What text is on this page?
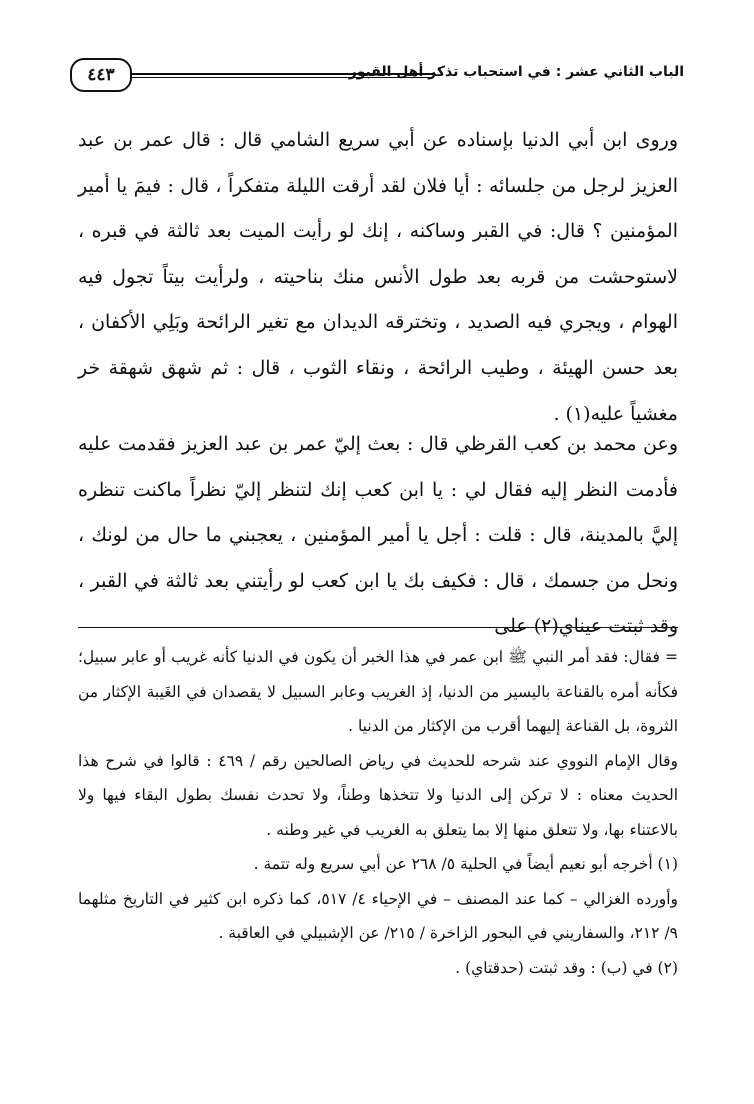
٤٤٣	الباب الثاني عشر : في استحباب تذكر أهل القبور

وروى ابن أبي الدنيا بإسناده عن أبي سريع الشامي قال : قال عمر بن عبد العزيز لرجل من جلسائه : أيا فلان لقد أرقت الليلة متفكراً ، قال : فيمَ يا أمير المؤمنين ؟ قال: في القبر وساكنه ، إنك لو رأيت الميت بعد ثالثة في قبره ، لاستوحشت من قربه بعد طول الأنس منك بناحيته ، ولرأيت بيتاً تجول فيه الهوام ، ويجري فيه الصديد ، وتخترقه الديدان مع تغير الرائحة وبَلِي الأكفان ، بعد حسن الهيئة ، وطيب الرائحة ، ونقاء الثوب ، قال : ثم شهق شهقة خر مغشياً عليه(١) .

وعن محمد بن كعب القرظي قال : بعث إليّ عمر بن عبد العزيز فقدمت عليه فأدمت النظر إليه فقال لي : يا ابن كعب إنك لتنظر إليّ نظراً ماكنت تنظره إليَّ بالمدينة، قال : قلت : أجل يا أمير المؤمنين ، يعجبني ما حال من لونك ، ونحل من جسمك ، قال : فكيف بك يا ابن كعب لو رأيتني بعد ثالثة في القبر ، وقد ثبتت عيناي(٢) على

= فقال: فقد أمر النبي ﷺ ابن عمر في هذا الخبر أن يكون في الدنيا كأنه غريب أو عابر سبيل؛ فكأنه أمره بالقناعة باليسير من الدنيا، إذ الغريب وعابر السبيل لا يقصدان في الغَيبة الإكثار من الثروة، بل القناعة إليهما أقرب من الإكثار من الدنيا .

وقال الإمام النووي عند شرحه للحديث في رياض الصالحين رقم / ٤٦٩ : قالوا في شرح هذا الحديث معناه : لا تركن إلى الدنيا ولا تتخذها وطناً، ولا تحدث نفسك بطول البقاء فيها ولا بالاعتناء بها، ولا تتعلق منها إلا بما يتعلق به الغريب في غير وطنه .

(١) أخرجه أبو نعيم أيضاً في الحلية ٥/ ٢٦٨ عن أبي سريع وله تتمة .

وأورده الغزالي – كما عند المصنف – في الإحياء ٤/ ٥١٧، كما ذكره ابن كثير في التاريخ مثلهما ٩/ ٢١٢، والسفاريني في البحور الزاخرة / ٢١٥/ عن الإشبيلي في العاقبة .

(٢) في (ب) : وقد ثبتت (حدقتاي) .
